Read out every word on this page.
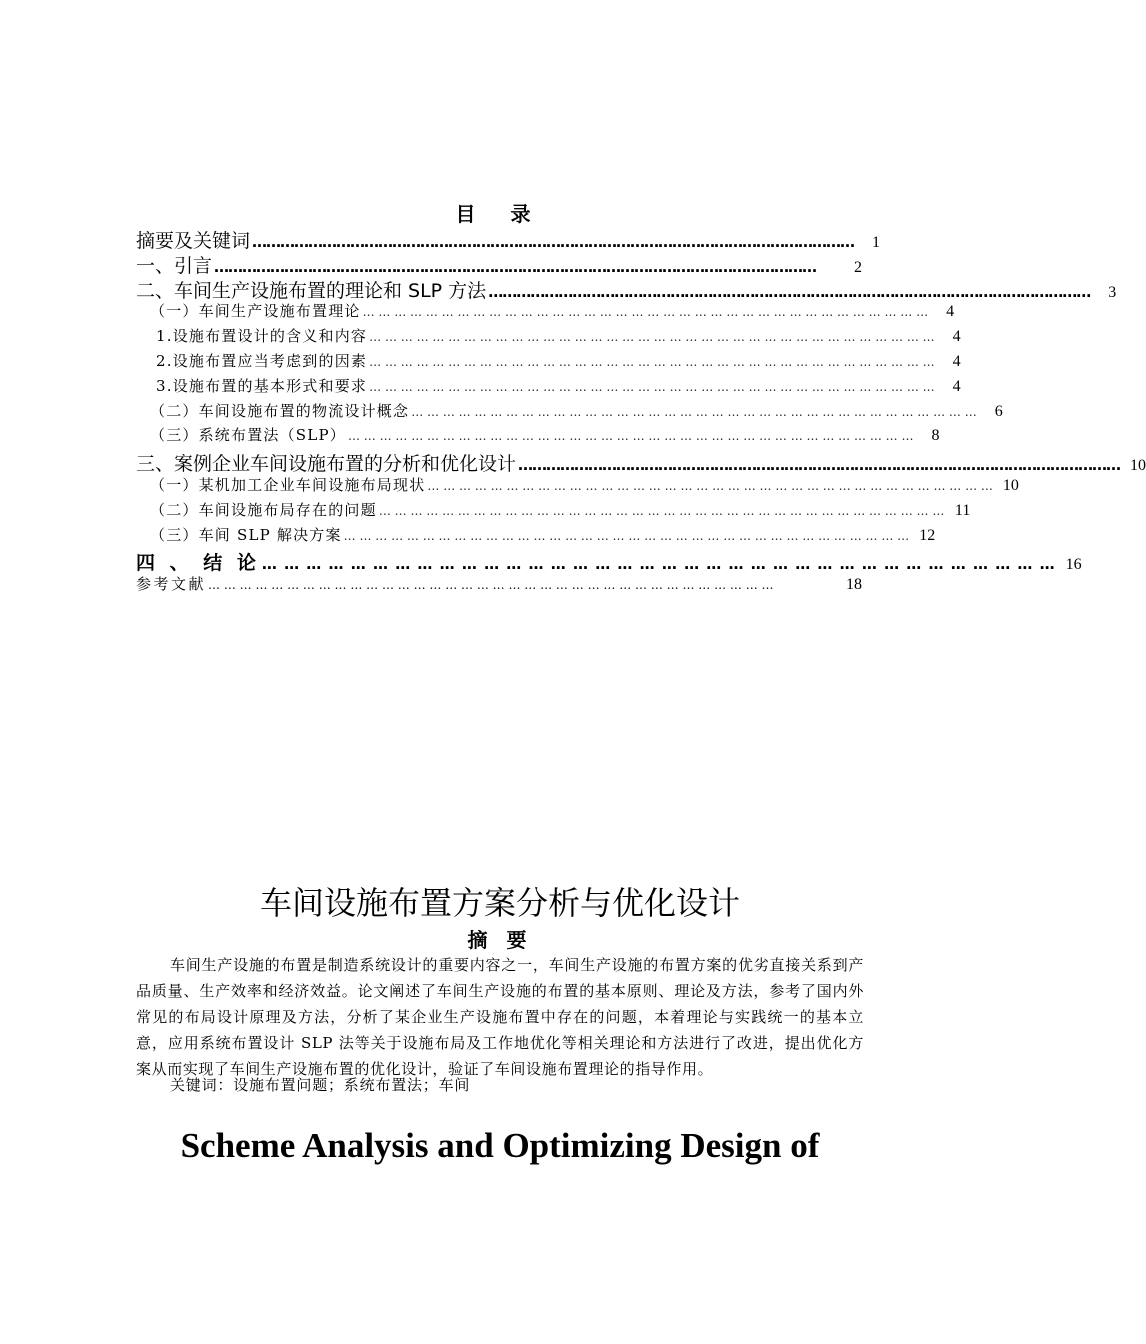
目 录
摘要及关键词 …………………………………………………………………………………………………………………	1
一、引言 …………………………………………………………………………………………………………………	2
二、车间生产设施布置的理论和 SLP 方法 …………………………………………………………………………………………………………………	3
（一）车间生产设施布置理论 … … … … … … … … … … … … … … … … … … … … … … … … … … … … … … … … … … … …	4
1.设施布置设计的含义和内容 … … … … … … … … … … … … … … … … … … … … … … … … … … … … … … … … … … … …	4
2.设施布置应当考虑到的因素 … … … … … … … … … … … … … … … … … … … … … … … … … … … … … … … … … … … …	4
3.设施布置的基本形式和要求 … … … … … … … … … … … … … … … … … … … … … … … … … … … … … … … … … … … …	4
（二）车间设施布置的物流设计概念 … … … … … … … … … … … … … … … … … … … … … … … … … … … … … … … … … … … …	6
（三）系统布置法（SLP） … … … … … … … … … … … … … … … … … … … … … … … … … … … … … … … … … … … …	8
三、案例企业车间设施布置的分析和优化设计 ………………………………………………………………………………………………………………… 10
（一）某机加工企业车间设施布局现状 … … … … … … … … … … … … … … … … … … … … … … … … … … … … … … … … … … … … 10
（二）车间设施布局存在的问题 … … … … … … … … … … … … … … … … … … … … … … … … … … … … … … … … … … … … 11
（三）车间 SLP 解决方案 … … … … … … … … … … … … … … … … … … … … … … … … … … … … … … … … … … … … 12
四 、 结 论 … … … … … … … … … … … … … … … … … … … … … … … … … … … … … … … … … … … … 16
参考文献 … … … … … … … … … … … … … … … … … … … … … … … … … … … … … … … … … … … …	18
车间设施布置方案分析与优化设计
摘 要
车间生产设施的布置是制造系统设计的重要内容之一，车间生产设施的布置方案的优劣直接关系到产品质量、生产效率和经济效益。论文阐述了车间生产设施的布置的基本原则、理论及方法，参考了国内外常见的布局设计原理及方法，分析了某企业生产设施布置中存在的问题，本着理论与实践统一的基本立意，应用系统布置设计 SLP 法等关于设施布局及工作地优化等相关理论和方法进行了改进，提出优化方案从而实现了车间生产设施布置的优化设计，验证了车间设施布置理论的指导作用。
关键词：设施布置问题；系统布置法；车间
Scheme Analysis and Optimizing Design of
